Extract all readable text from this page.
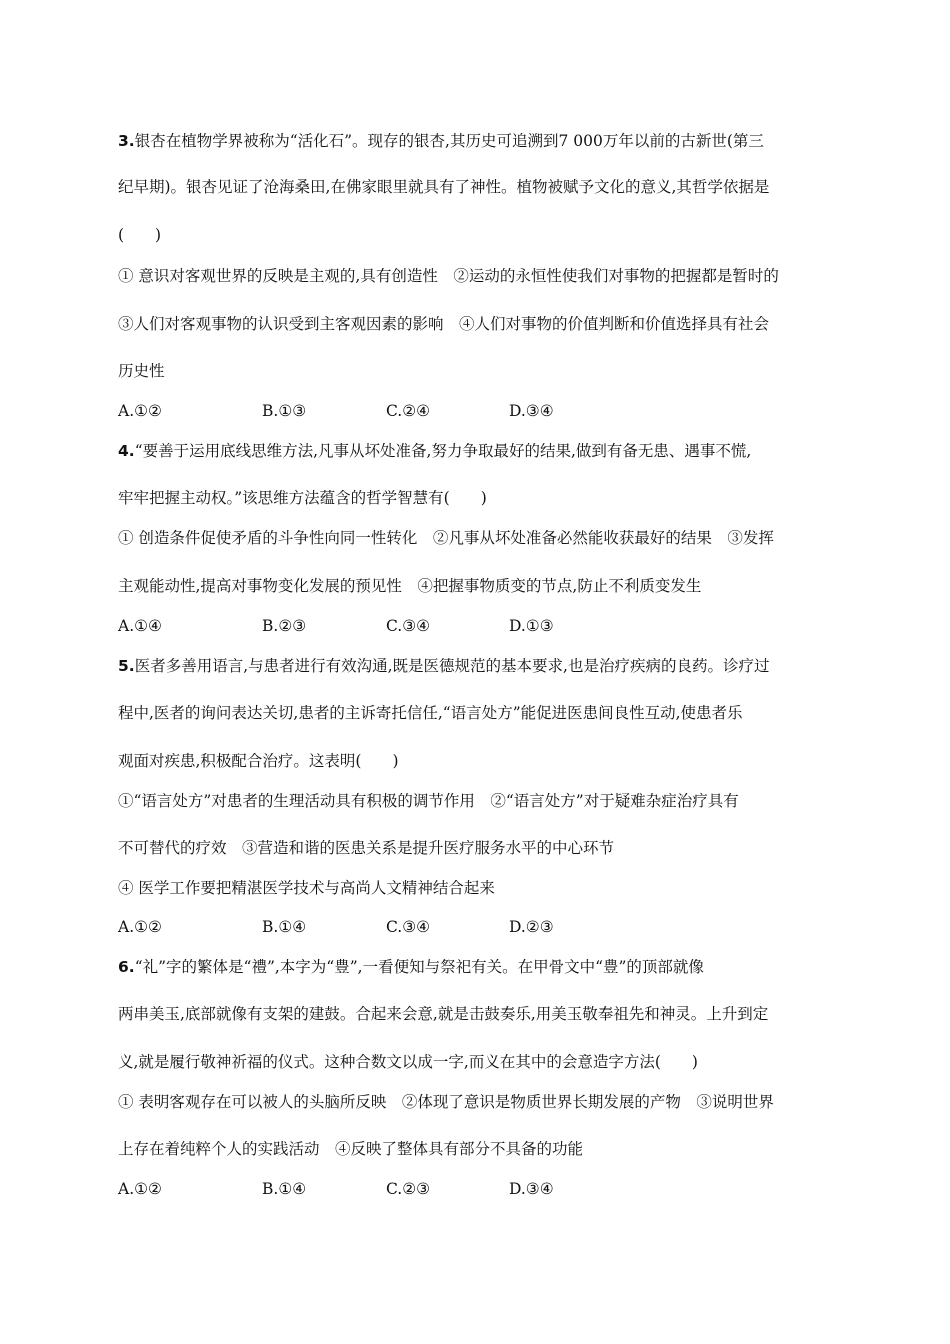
3.银杏在植物学界被称为“活化石”。现存的银杏,其历史可追溯到7 000万年以前的古新世(第三
纪早期)。银杏见证了沧海桑田,在佛家眼里就具有了神性。植物被赋予文化的意义,其哲学依据是
(　　)
① 意识对客观世界的反映是主观的,具有创造性　②运动的永恒性使我们对事物的把握都是暂时的
③人们对客观事物的认识受到主客观因素的影响　④人们对事物的价值判断和价值选择具有社会
历史性
A.①②	B.①③	C.②④	D.③④
4.“要善于运用底线思维方法,凡事从坏处准备,努力争取最好的结果,做到有备无患、遇事不慌,
牢牢把握主动权。”该思维方法蕴含的哲学智慧有(　　)
① 创造条件促使矛盾的斗争性向同一性转化　②凡事从坏处准备必然能收获最好的结果　③发挥
主观能动性,提高对事物变化发展的预见性　④把握事物质变的节点,防止不利质变发生
A.①④	B.②③	C.③④	D.①③
5.医者多善用语言,与患者进行有效沟通,既是医德规范的基本要求,也是治疗疾病的良药。诊疗过
程中,医者的询问表达关切,患者的主诉寄托信任,“语言处方”能促进医患间良性互动,使患者乐
观面对疾患,积极配合治疗。这表明(　　)
①“语言处方”对患者的生理活动具有积极的调节作用　②“语言处方”对于疑难杂症治疗具有
不可替代的疗效　③营造和谐的医患关系是提升医疗服务水平的中心环节
④ 医学工作要把精湛医学技术与高尚人文精神结合起来
A.①②	B.①④	C.③④	D.②③
6.“礼”字的繁体是“禮”,本字为“豊”,一看便知与祭祀有关。在甲骨文中“豊”的顶部就像
两串美玉,底部就像有支架的建鼓。合起来会意,就是击鼓奏乐,用美玉敬奉祖先和神灵。上升到定
义,就是履行敬神祈福的仪式。这种合数文以成一字,而义在其中的会意造字方法(　　)
① 表明客观存在可以被人的头脑所反映　②体现了意识是物质世界长期发展的产物　③说明世界
上存在着纯粹个人的实践活动　④反映了整体具有部分不具备的功能
A.①②	B.①④	C.②③	D.③④
